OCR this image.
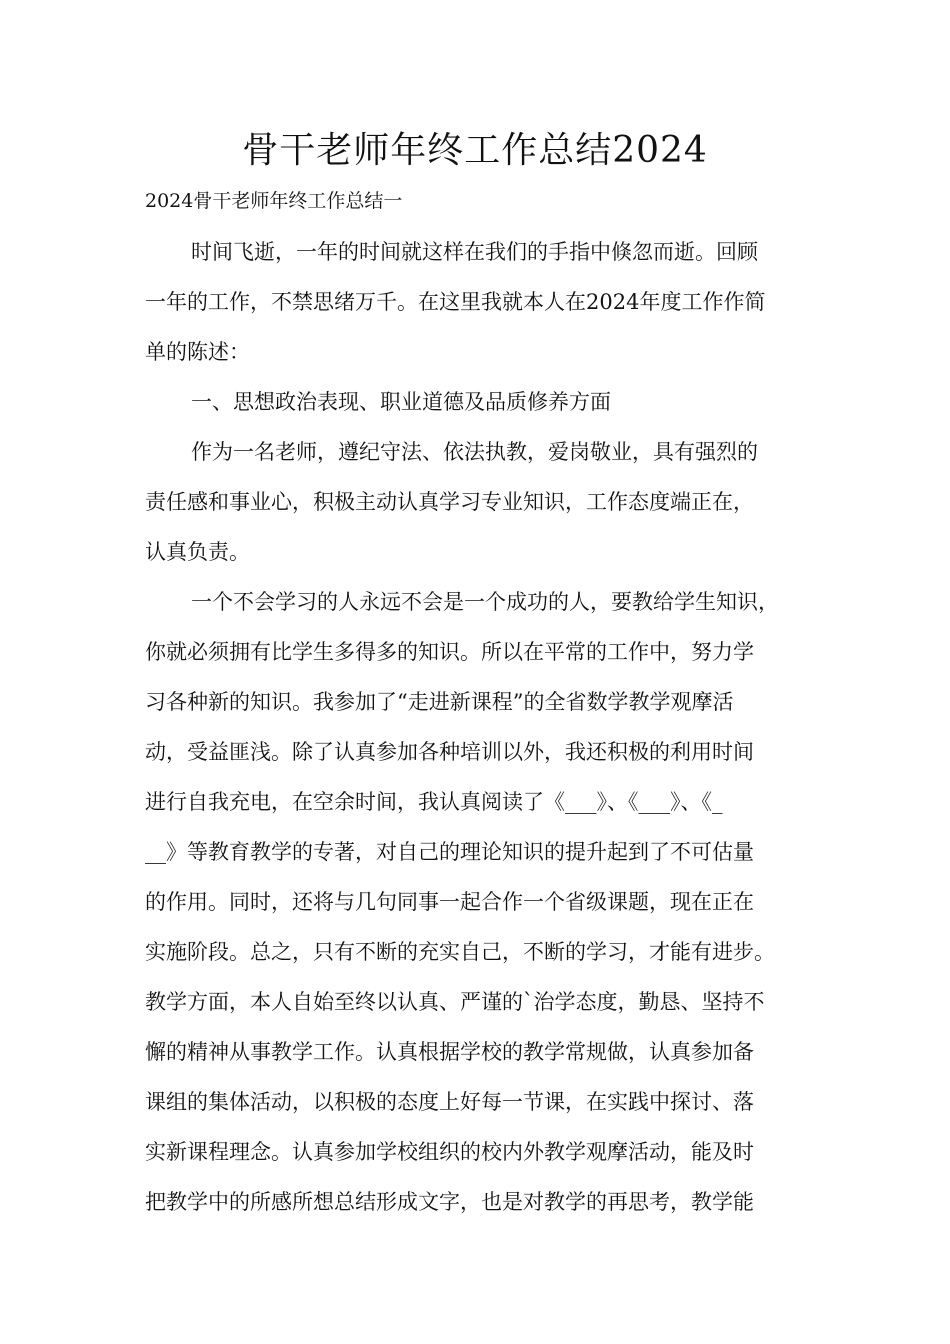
骨干老师年终工作总结2024
2024骨干老师年终工作总结一
时间飞逝，一年的时间就这样在我们的手指中倏忽而逝。回顾
一年的工作，不禁思绪万千。在这里我就本人在2024年度工作作简
单的陈述：
一、思想政治表现、职业道德及品质修养方面
作为一名老师，遵纪守法、依法执教，爱岗敬业，具有强烈的
责任感和事业心，积极主动认真学习专业知识，工作态度端正在，
认真负责。
一个不会学习的人永远不会是一个成功的人，要教给学生知识，
你就必须拥有比学生多得多的知识。所以在平常的工作中，努力学
习各种新的知识。我参加了“走进新课程”的全省数学教学观摩活
动，受益匪浅。除了认真参加各种培训以外，我还积极的利用时间
进行自我充电，在空余时间，我认真阅读了《___》、《___》、《_
__》等教育教学的专著，对自己的理论知识的提升起到了不可估量
的作用。同时，还将与几句同事一起合作一个省级课题，现在正在
实施阶段。总之，只有不断的充实自己，不断的学习，才能有进步。
教学方面，本人自始至终以认真、严谨的`治学态度，勤恳、坚持不
懈的精神从事教学工作。认真根据学校的教学常规做，认真参加备
课组的集体活动，以积极的态度上好每一节课，在实践中探讨、落
实新课程理念。认真参加学校组织的校内外教学观摩活动，能及时
把教学中的所感所想总结形成文字，也是对教学的再思考，教学能
